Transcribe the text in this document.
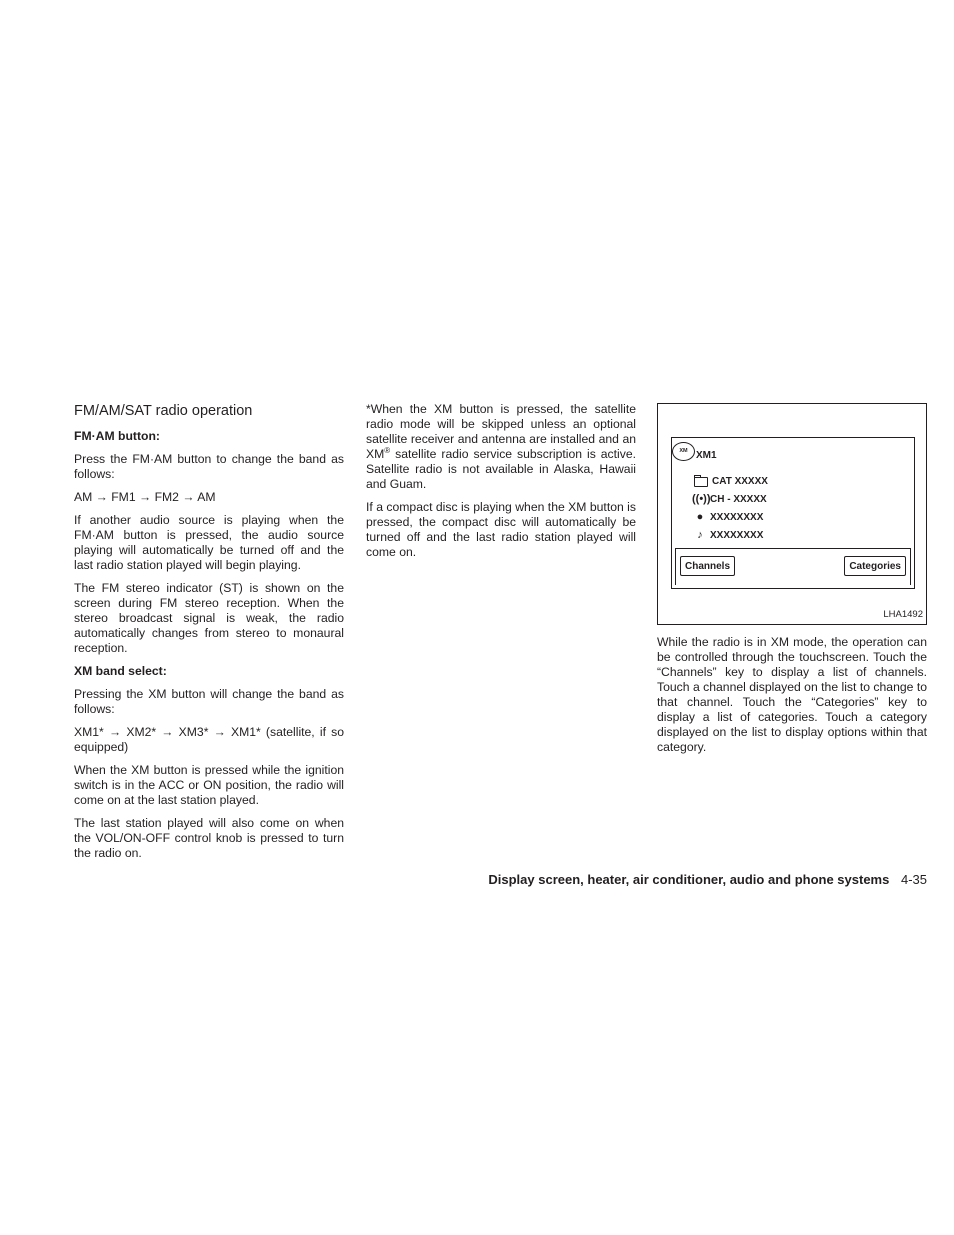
FM/AM/SAT radio operation

FM·AM button:

Press the FM·AM button to change the band as follows:

AM → FM1 → FM2 → AM

If another audio source is playing when the FM·AM button is pressed, the audio source playing will automatically be turned off and the last radio station played will begin playing.

The FM stereo indicator (ST) is shown on the screen during FM stereo reception. When the stereo broadcast signal is weak, the radio automatically changes from stereo to monaural reception.

XM band select:

Pressing the XM button will change the band as follows:

XM1* → XM2* → XM3* → XM1* (satellite, if so equipped)

When the XM button is pressed while the ignition switch is in the ACC or ON position, the radio will come on at the last station played.

The last station played will also come on when the VOL/ON-OFF control knob is pressed to turn the radio on.

*When the XM button is pressed, the satellite radio mode will be skipped unless an optional satellite receiver and antenna are installed and an XM® satellite radio service subscription is active. Satellite radio is not available in Alaska, Hawaii and Guam.

If a compact disc is playing when the XM button is pressed, the compact disc will automatically be turned off and the last radio station played will come on.

XM XM1
CAT XXXXX
((•)) CH - XXXXX
● XXXXXXXX
♪ XXXXXXXX
Channels	Categories
LHA1492

While the radio is in XM mode, the operation can be controlled through the touchscreen. Touch the “Channels” key to display a list of channels. Touch a channel displayed on the list to change to that channel. Touch the “Categories” key to display a list of categories. Touch a category displayed on the list to display options within that category.

Display screen, heater, air conditioner, audio and phone systems 4-35
